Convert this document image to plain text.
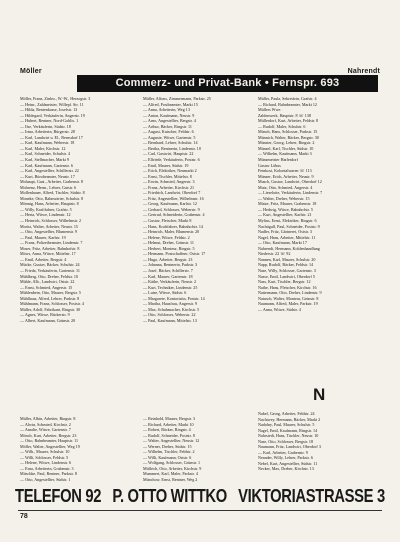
Möller	Nahrendt
Commerz- und Privat-Bank • Fernspr. 693
Möller, Franz, Zinkw., W.-W., Herzogstr. 3
— Heinr., Zahlmeister, Willepf. Str. 11
— Hilda, Rentenkasse, Josefstr. 13
— Hildegard, Verkäuferin, Angerstr. 19
— Hubert, Rentner, Nord-Gohlis. 1
— Ilse, Verkäuferin, Südstr. 18
— Irma, Arbeiterin, Bürgerstr. 28
— Karl, Landwirt u. El., Bernsdorf 17
— Karl, Kaufmann, Weberstr. 18
— Karl, Maler, Kirchstr. 12
— Karl, Schneider, Schulstr. 4
— Karl, Stellmacher, Markt 9
— Karl, Kaufmann, Gartenstr. 6
— Karl, Angestellter, Schillerstr. 22
— Kurt, Bürobeamter, Neustr. 17
Mohaupt, Gust., Arbeiter, Grabenstr. 8
Mohrenz, Herm., Lehrer, Gutstr. 6
Mollenhauer, Alfred, Tischler, Südstr. 8
Moneke, Otto, Bahnwärter, Schulstr. 8
Mönnig, Hans, Arbeiter, Hauptstr. 8
— Willy, Kraftfahrer, Grafstr. 5
— Herta, Witwe, Lindenstr. 12
— Heinrich, Schlosser, Wilhelmstr. 2
Moritz, Walter, Arbeiter, Neustr. 15
— Otto, Angestellter, Blumenstr. 9
— Paul, Maurer, Karlstr. 19
— Franz, Polizeibeamter, Lindenstr. 7
Moser, Fritz, Arbeiter, Bahnhofstr. 8
Möws, Anna, Witwe, Mittelstr. 17
— Emil, Arbeiter, Bergstr. 4
Mücke, Gustav, Bäcker, Schulstr. 24
— Frieda, Verkäuferin, Gartenstr. 11
Mühlberg, Otto, Dreher, Feldstr. 10
Mühle, Alb., Landwirt, Oststr. 22
— Ernst, Schmied, Angerstr. 15
Mühlenbein, Otto, Maurer, Bergstr. 5
Mühlhaus, Alfred, Lehrer, Parkstr. 8
Mühlmann, Franz, Schlosser, Poststr. 4
Müller, Adolf, Fabrikant, Ringstr. 30
— Agnes, Witwe, Bäckerstr. 9
— Albert, Kaufmann, Grünstr. 20
Müller, Alfons, Zimmermann, Parkstr. 25
— Alfred, Postbeamter, Markt 15
— Anna, Arbeiterin, Weg 13
— Anton, Kaufmann, Neustr. 9
— Arno, Angestellter, Bergstr. 4
— Arthur, Bäcker, Ringstr. 11
— August, Kutscher, Feldstr. 6
— Auguste, Witwe, Gartenstr. 5
— Bernhard, Lehrer, Schulstr. 14
— Bertha, Rentnerin, Lindenstr. 10
— Carl, Gastwirt, Hauptstr. 22
— Elfriede, Verkäuferin, Poststr. 6
— Emil, Maurer, Südstr. 19
— Erich, Elektriker, Neumarkt 2
— Ernst, Tischler, Mittelstr. 8
— Erwin, Schmied, Angerstr. 3
— Franz, Arbeiter, Kirchstr. 21
— Friedrich, Landwirt, Oberdorf 7
— Fritz, Angestellter, Wilhelmstr. 16
— Georg, Kaufmann, Karlstr. 12
— Gerhard, Schlosser, Weberstr. 9
— Gertrud, Schneiderin, Grabenstr. 4
— Gustav, Fleischer, Markt 8
— Hans, Kraftfahrer, Bahnhofstr. 14
— Heinrich, Maler, Blumenstr. 20
— Helene, Witwe, Feldstr. 2
— Helmut, Dreher, Grünstr. 11
— Herbert, Monteur, Ringstr. 5
— Hermann, Postschaffner, Oststr. 17
— Hugo, Arbeiter, Bergstr. 23
— Johanna, Rentnerin, Parkstr. 3
— Josef, Bäcker, Schillerstr. 7
— Karl, Maurer, Gartenstr. 18
— Käthe, Verkäuferin, Neustr. 2
— Kurt, Techniker, Lindenstr. 25
— Luise, Witwe, Südstr. 6
— Margarete, Kontoristin, Poststr. 14
— Martha, Hausfrau, Angerstr. 9
— Max, Schuhmacher, Kirchstr. 5
— Otto, Schlosser, Weberstr. 22
— Paul, Kaufmann, Mittelstr. 13
Müller, Paula, Sekretärin, Grafstr. 4
— Richard, Bahnbeamter, Markt 12
Müllers Wwe.
Zahlenwerk, Hauptstr. 8 ☏ 138
Müllerdorf, Kurt, Arbeiter, Feldstr. 8
— Rudolf, Maler, Schulstr. 6
Münch, Hans, Schlosser, Parkstr. 15
Münnich, Walter, Bäcker, Bergstr. 30
Münster, Georg, Lehrer, Ringstr. 2
Münzel, Karl, Tischler, Südstr. 10
— Wilhelm, Kaufmann, Markt 3
Münzmeister Harlesdorf
Gustav Löbus
Feinkost, Kolonialwaren ☏ 113
Münzer, Erich, Arbeiter, Neustr. 9
Musch, Gustav, Landwirt, Oberdorf 12
Mutz, Otto, Schmied, Angerstr. 4
— Lieselotte, Verkäuferin, Lindenstr. 7
— Walter, Dreher, Weberstr. 15
Mütze, Fritz, Maurer, Grabenstr. 18
— Hedwig, Witwe, Bahnhofstr. 5
— Kurt, Angestellter, Karlstr. 21
Mylius, Ernst, Elektriker, Ringstr. 6
Nachtigall, Paul, Schneider, Poststr. 9
Nadler, Fritz, Gärtnerei, Oststr. 3
Nagel, Hans, Arbeiter, Mittelstr. 11
— Otto, Kaufmann, Markt 17
Nahrendt, Hermann, Kohlenhandlung
Niederstr. 22 ☏ 92
Nannen, Karl, Maurer, Schulstr. 20
Napp, Rudolf, Bäcker, Feldstr. 14
Nase, Willy, Schlosser, Gartenstr. 3
Nasse, Emil, Landwirt, Oberdorf 5
Nass, Kurt, Tischler, Bergstr. 12
Nathe, Hans, Fleischer, Kirchstr. 16
Nattermann, Otto, Dreher, Lindenstr. 9
Natusch, Walter, Monteur, Grünstr. 8
Naumann, Alfred, Maler, Parkstr. 19
— Anna, Witwe, Südstr. 4
Müller, Albin, Arbeiter, Ringstr. 8
— Alwin, Schmied, Kirchstr. 2
— Amalie, Witwe, Gartenstr. 7
Mönch, Kurt, Arbeiter, Bergstr. 23
— Otto, Bahnbeamter, Hauptstr. 11
Möller, Walter, Angestellter, Weg 19
— Wilh., Maurer, Schulstr. 10
— Willi, Schlosser, Feldstr. 5
— Helene, Witwe, Lindenstr. 6
— Erna, Arbeiterin, Grabenstr. 3
Mitschke, Paul, Rentner, Parkstr. 8
— Otto, Angestellter, Südstr. 1
— Reinhold, Maurer, Bergstr. 3
— Richard, Arbeiter, Markt 10
— Robert, Bäcker, Ringstr. 4
— Rudolf, Schneider, Poststr. 8
— Walter, Angestellter, Neustr. 12
— Werner, Dreher, Südstr. 15
— Wilhelm, Tischler, Feldstr. 2
— Willi, Kaufmann, Oststr. 6
— Wolfgang, Schlosser, Grünstr. 1
Müllrich, Otto, Arbeiter, Kirchstr. 9
Mummert, Karl, Maler, Parkstr. 4
Münchow, Ernst, Rentner, Weg 2
N
Nabel, Georg, Arbeiter, Feldstr. 24
Nachtwey, Hermann, Bäcker, Markt 2
Nadolny, Paul, Maurer, Schulstr. 5
Nagel, Emil, Kaufmann, Ringstr. 14
Nahrstedt, Hans, Tischler, Neustr. 10
Nase, Otto, Schlosser, Bergstr. 18
Naumann, Fritz, Landwirt, Oberdorf 3
— Karl, Arbeiter, Grabenstr. 9
Neander, Willy, Lehrer, Parkstr. 6
Nebel, Kurt, Angestellter, Südstr. 11
Necker, Max, Dreher, Kirchstr. 13
TELEFON 92 P. OTTO WITTKO VIKTORIASTRASSE 3
78
